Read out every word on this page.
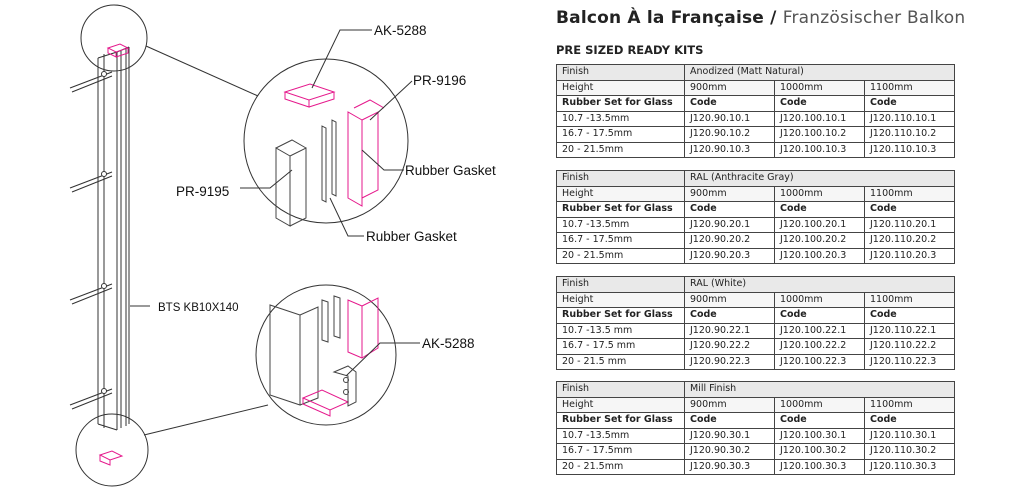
AK-5288
PR-9196
Rubber Gasket
PR-9195
Rubber Gasket
BTS KB10X140
AK-5288
Balcon À la Française / Französischer Balkon
PRE SIZED READY KITS
Finish	Anodized (Matt Natural)		
Height	900mm	1000mm	1100mm
Rubber Set for Glass	Code	Code	Code
10.7 -13.5mm	J120.90.10.1	J120.100.10.1	J120.110.10.1
16.7 - 17.5mm	J120.90.10.2	J120.100.10.2	J120.110.10.2
20 - 21.5mm	J120.90.10.3	J120.100.10.3	J120.110.10.3
Finish	RAL (Anthracite Gray)		
Height	900mm	1000mm	1100mm
Rubber Set for Glass	Code	Code	Code
10.7 -13.5mm	J120.90.20.1	J120.100.20.1	J120.110.20.1
16.7 - 17.5mm	J120.90.20.2	J120.100.20.2	J120.110.20.2
20 - 21.5mm	J120.90.20.3	J120.100.20.3	J120.110.20.3
Finish	RAL (White)		
Height	900mm	1000mm	1100mm
Rubber Set for Glass	Code	Code	Code
10.7 -13.5 mm	J120.90.22.1	J120.100.22.1	J120.110.22.1
16.7 - 17.5 mm	J120.90.22.2	J120.100.22.2	J120.110.22.2
20 - 21.5 mm	J120.90.22.3	J120.100.22.3	J120.110.22.3
Finish	Mill Finish		
Height	900mm	1000mm	1100mm
Rubber Set for Glass	Code	Code	Code
10.7 -13.5mm	J120.90.30.1	J120.100.30.1	J120.110.30.1
16.7 - 17.5mm	J120.90.30.2	J120.100.30.2	J120.110.30.2
20 - 21.5mm	J120.90.30.3	J120.100.30.3	J120.110.30.3
